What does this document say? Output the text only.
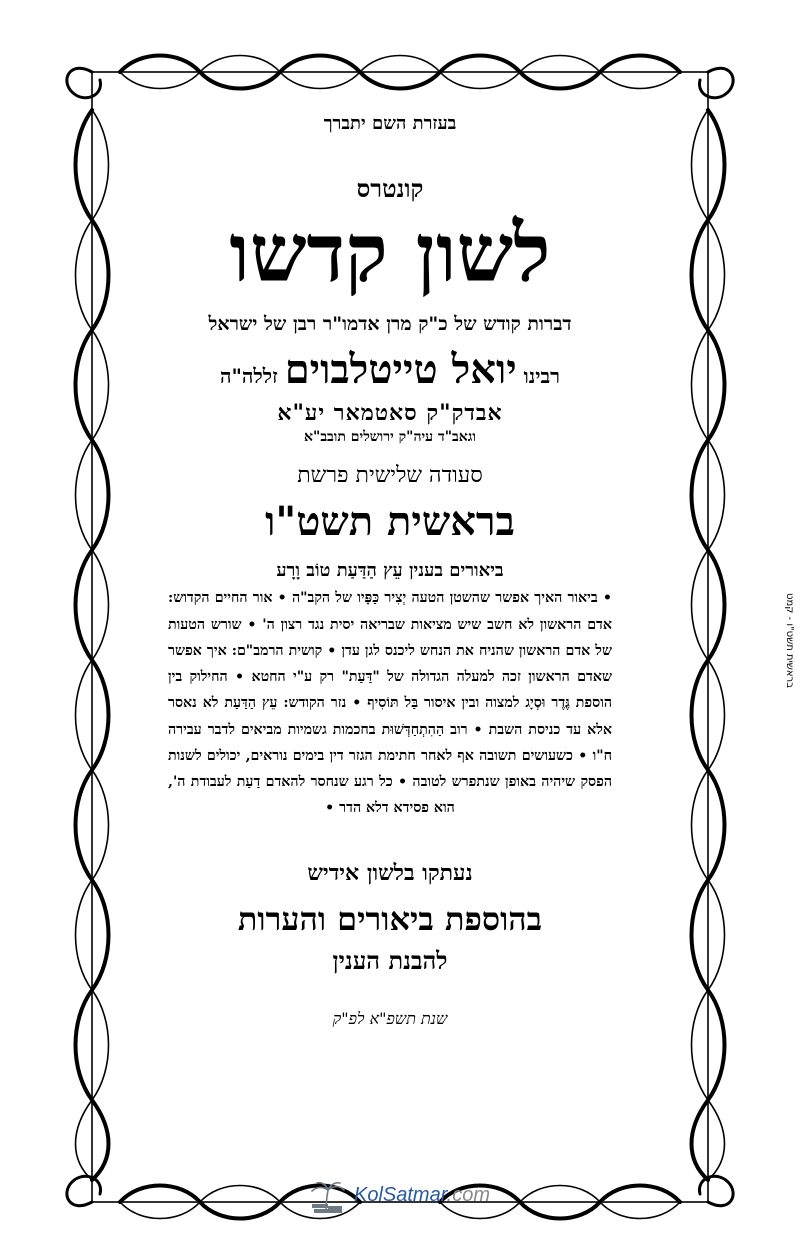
בעזרת השם יתברך

קונטרס

לשון קדשו

דברות קודש של כ"ק מרן אדמו"ר רבן של ישראל

רבינו יואל טייטלבוים זללה"ה

אבדק"ק סאטמאר יע"א

וגאב"ד עיה"ק ירושלים תובב"א

סעודה שלישית פרשת

בראשית תשט"ו

ביאורים בענין עֵץ הַדַּעַת טוֹב וָרָע

• ביאור האיך אפשר שהשטן הטעה יְצִיר כַּפָּיו של הקב"ה • אור החיים הקדוש: אדם הראשון לא חשב שיש מציאות שבריאה יסית נגד רצון ה' • שורש הטעות של אדם הראשון שהניח את הנחש ליכנס לגן עדן • קושית הרמב"ם: איך אפשר שאדם הראשון זכה למעלה הגדולה של "דַּעַת" רק ע"י החטא • החילוק בין הוספת גֶּדֶר וּסְיָג למצוה ובין איסור בַּל תּוֹסִיף • נזר הקודש: עֵץ הַדַּעַת לא נאסר אלא עד כניסת השבת • רוב הַהִתְחַדְּשׁוּת בחכמות גשמיות מביאים לדבר עבירה ח"ו • כשעושים תשובה אף לאחר חתימת הגזר דין בימים נוראים, יכולים לשנות הפסק שיהיה באופן שנתפרש לטובה • כל רגע שנחסר להאדם דַעַת לעבודת ה', הוא פסידא דלא הדר •

נעתקו בלשון אידיש

בהוספת ביאורים והערות

להבנת הענין

שנת תשפ"א לפ"ק

בראשית תשט"ו - קמט
KolSatmar.com
